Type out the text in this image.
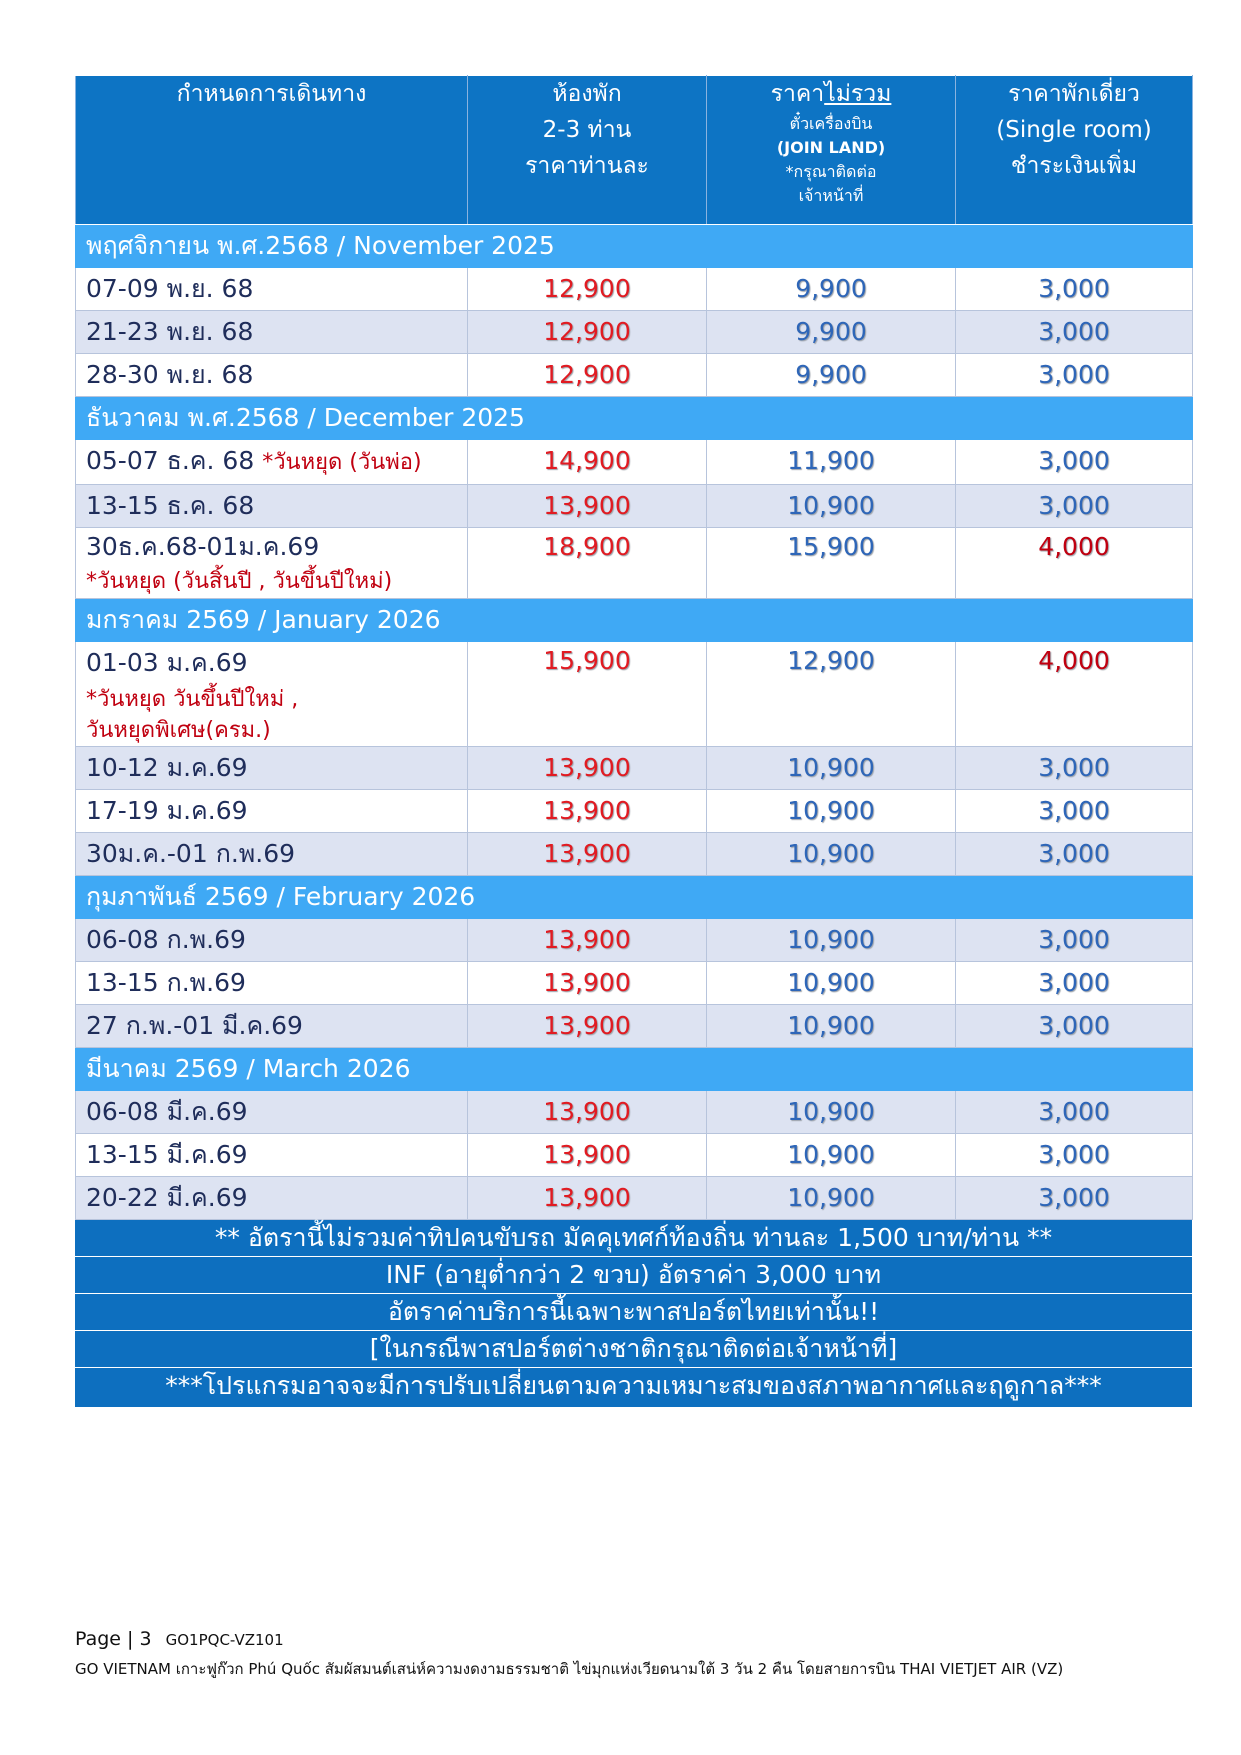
กำหนดการเดินทาง	ห้องพัก
2-3 ท่าน
ราคาท่านละ	ราคาไม่รวม
ตั๋วเครื่องบิน
(JOIN LAND)
*กรุณาติดต่อ
เจ้าหน้าที่	ราคาพักเดี่ยว
(Single room)
ชำระเงินเพิ่ม

พฤศจิกายน พ.ศ.2568 / November 2025			
07-09 พ.ย. 68	12,900	9,900	3,000
21-23 พ.ย. 68	12,900	9,900	3,000
28-30 พ.ย. 68	12,900	9,900	3,000
ธันวาคม พ.ศ.2568 / December 2025			
05-07 ธ.ค. 68 *วันหยุด (วันพ่อ)	14,900	11,900	3,000
13-15 ธ.ค. 68	13,900	10,900	3,000

30ธ.ค.68-01ม.ค.69
*วันหยุด (วันสิ้นปี , วันขึ้นปีใหม่)	18,900	15,900	4,000
มกราคม 2569 / January 2026			

01-03 ม.ค.69
*วันหยุด วันขึ้นปีใหม่ ,
วันหยุดพิเศษ(ครม.)	15,900	12,900	4,000
10-12 ม.ค.69	13,900	10,900	3,000
17-19 ม.ค.69	13,900	10,900	3,000
30ม.ค.-01 ก.พ.69	13,900	10,900	3,000
กุมภาพันธ์ 2569 / February 2026			
06-08 ก.พ.69	13,900	10,900	3,000
13-15 ก.พ.69	13,900	10,900	3,000
27 ก.พ.-01 มี.ค.69	13,900	10,900	3,000
มีนาคม 2569 / March 2026			
06-08 มี.ค.69	13,900	10,900	3,000
13-15 มี.ค.69	13,900	10,900	3,000
20-22 มี.ค.69	13,900	10,900	3,000
** อัตรานี้ไม่รวมค่าทิปคนขับรถ มัคคุเทศก์ท้องถิ่น ท่านละ 1,500 บาท/ท่าน **
INF (อายุต่ำกว่า 2 ขวบ) อัตราค่า 3,000 บาท
อัตราค่าบริการนี้เฉพาะพาสปอร์ตไทยเท่านั้น!!
[ในกรณีพาสปอร์ตต่างชาติกรุณาติดต่อเจ้าหน้าที่]
***โปรแกรมอาจจะมีการปรับเปลี่ยนตามความเหมาะสมของสภาพอากาศและฤดูกาล***
Page | 3 GO1PQC-VZ101
GO VIETNAM เกาะฟูก๊วก Phú Quốc สัมผัสมนต์เสน่ห์ความงดงามธรรมชาติ ไข่มุกแห่งเวียดนามใต้ 3 วัน 2 คืน โดยสายการบิน THAI VIETJET AIR (VZ)
